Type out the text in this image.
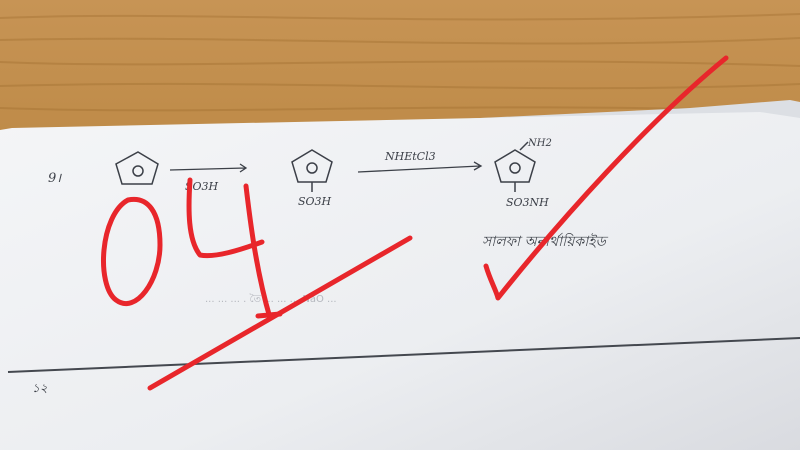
9।
SO3H
SO3H
NHEtCl3
NH2
SO3NH
সালফা অনার্থায়িকাইড
... ... ... . তৈ ... ... ... NaO ...
১২
